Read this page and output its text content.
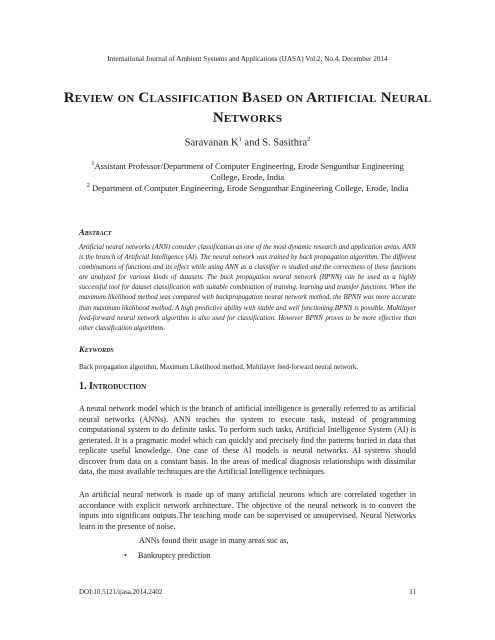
International Journal of Ambient Systems and Applications (IJASA) Vol.2, No.4, December 2014
Review on Classification Based on Artificial Neural Networks
Saravanan $K^1$ and S. Sasithra$^2$
$^1$Assistant Professor/Department of Computer Engineering, Erode Sengunthar Engineering College, Erode, India
$^2$ Department of Computer Engineering, Erode Sengunthar Engineering College, Erode, India
Abstract
Artificial neural networks (ANN) consider classification as one of the most dynamic research and application areas. ANN is the branch of Artificial Intelligence (AI). The neural network was trained by back propagation algorithm. The different combinations of functions and its effect while using ANN as a classifier is studied and the correctness of these functions are analyzed for various kinds of datasets. The back propagation neural network (BPNN) can be used as a highly successful tool for dataset classification with suitable combination of training, learning and transfer functions. When the maximum likelihood method was compared with backpropagation neural network method, the BPNN was more accurate than maximum likelihood method. A high predictive ability with stable and well functioning BPNN is possible. Multilayer feed-forward neural network algorithm is also used for classification. However BPNN proves to be more effective than other classification algorithms.
Keywords
Back propagation algorithm, Maximum Likelihood method, Multilayer feed-forward neural network.
1. Introduction
A neural network model which is the branch of artificial intelligence is generally referred to as artificial neural networks (ANNs). ANN teaches the system to execute task, instead of programming computational system to do definite tasks. To perform such tasks, Artificial Intelligence System (AI) is generated. It is a pragmatic model which can quickly and precisely find the patterns buried in data that replicate useful knowledge. One case of these AI models is neural networks. AI systems should discover from data on a constant basis. In the areas of medical diagnosis relationships with dissimilar data, the most available techniques are the Artificial Intelligence techniques.
An artificial neural network is made up of many artificial neurons which are correlated together in accordance with explicit network architecture. The objective of the neural network is to convert the inputs into significant outputs.The teaching mode can be supervised or unsupervised. Neural Networks learn in the presence of noise.
ANNs found their usage in many areas suc as,
• Bankruptcy prediction
DOI:10.5121/ijasa.2014.2402	11
